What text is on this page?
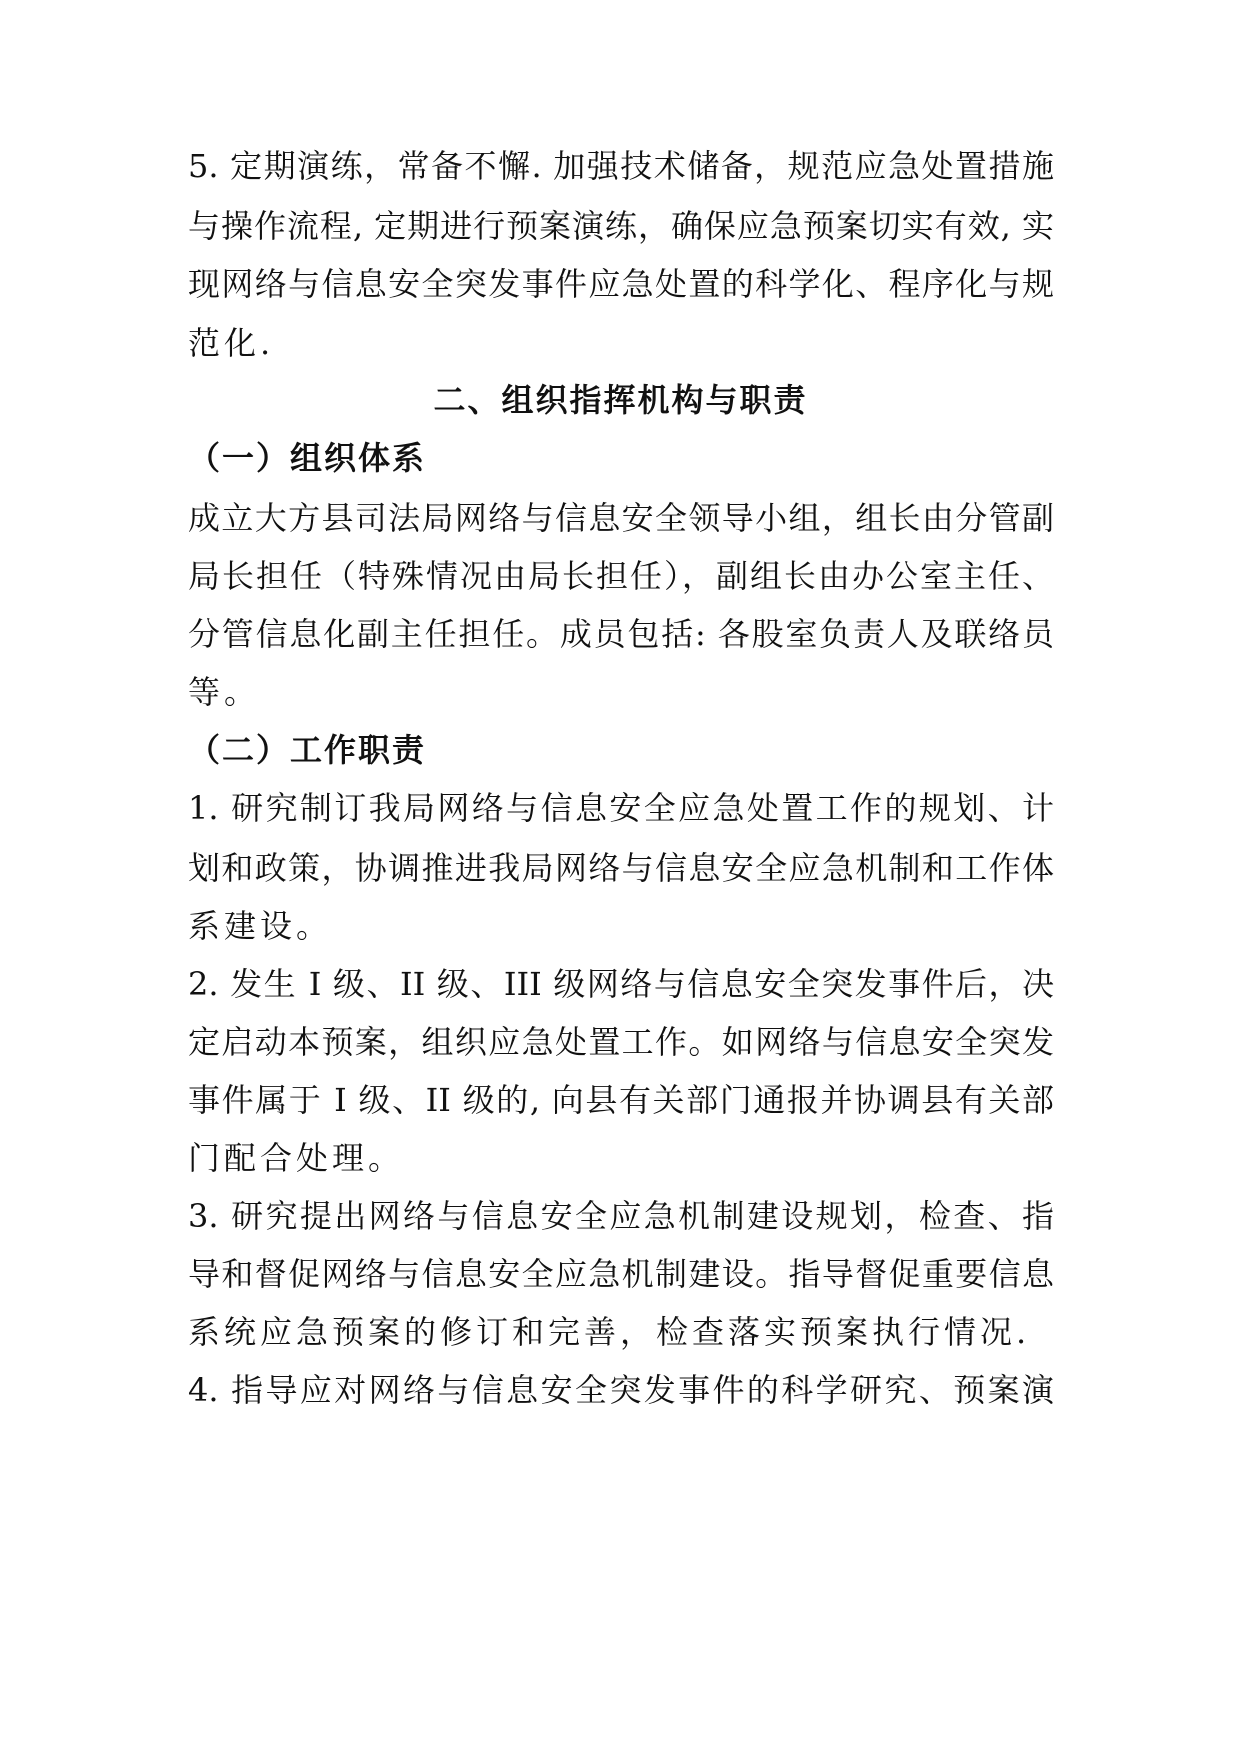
5. 定期演练，常备不懈. 加强技术储备，规范应急处置措施
与操作流程, 定期进行预案演练，确保应急预案切实有效, 实
现网络与信息安全突发事件应急处置的科学化、程序化与规
范化.
二、组织指挥机构与职责
（一）组织体系
成立大方县司法局网络与信息安全领导小组，组长由分管副
局长担任（特殊情况由局长担任），副组长由办公室主任、
分管信息化副主任担任。成员包括: 各股室负责人及联络员
等。
（二）工作职责
1. 研究制订我局网络与信息安全应急处置工作的规划、计
划和政策，协调推进我局网络与信息安全应急机制和工作体
系建设。
2. 发生 I 级、II 级、III 级网络与信息安全突发事件后，决
定启动本预案，组织应急处置工作。如网络与信息安全突发
事件属于 I 级、II 级的, 向县有关部门通报并协调县有关部
门配合处理。
3. 研究提出网络与信息安全应急机制建设规划，检查、指
导和督促网络与信息安全应急机制建设。指导督促重要信息
系统应急预案的修订和完善，检查落实预案执行情况.
4. 指导应对网络与信息安全突发事件的科学研究、预案演
